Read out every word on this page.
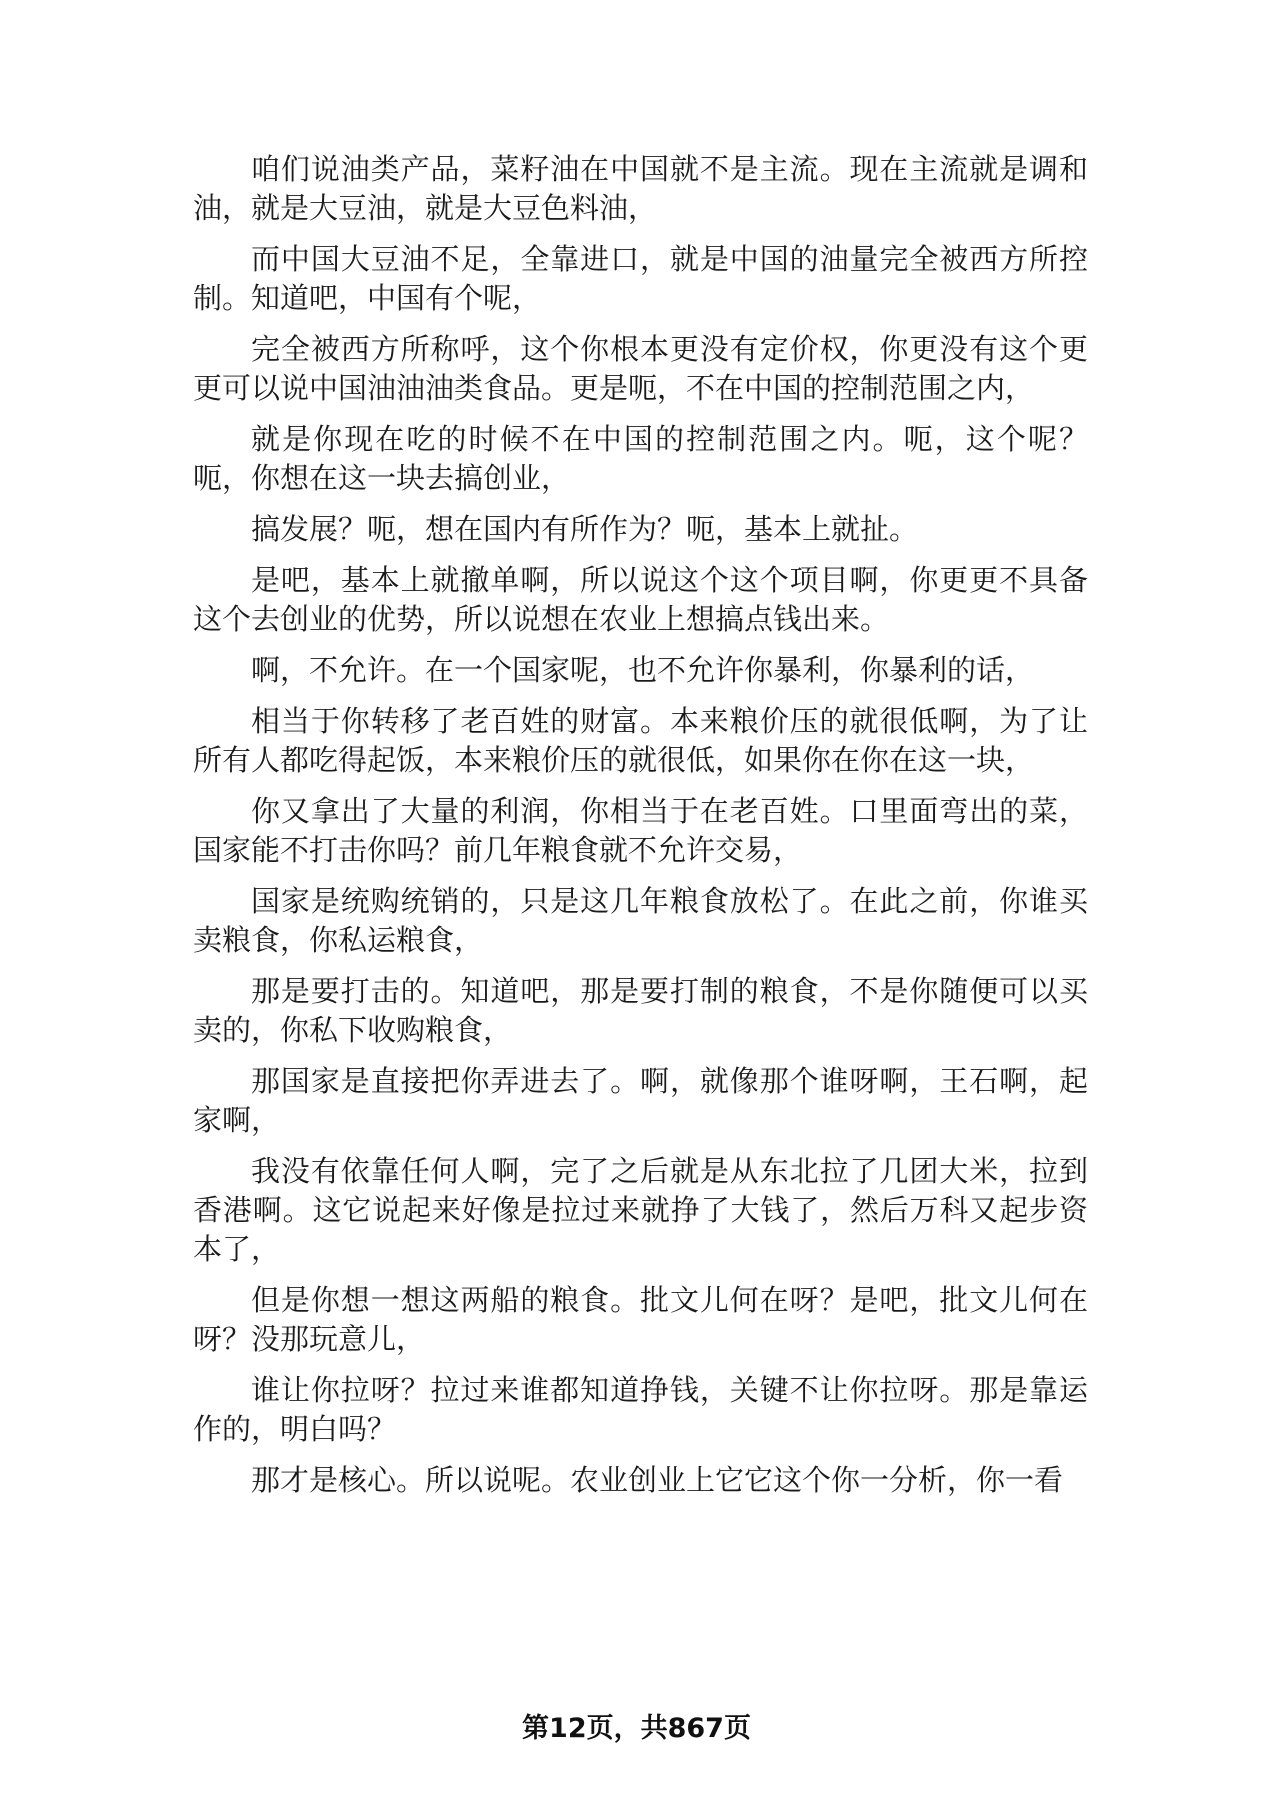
咱们说油类产品，菜籽油在中国就不是主流。现在主流就是调和油，就是大豆油，就是大豆色料油，

而中国大豆油不足，全靠进口，就是中国的油量完全被西方所控制。知道吧，中国有个呢，

完全被西方所称呼，这个你根本更没有定价权，你更没有这个更更可以说中国油油油类食品。更是呃，不在中国的控制范围之内，

就是你现在吃的时候不在中国的控制范围之内。呃，这个呢？呃，你想在这一块去搞创业，

搞发展？呃，想在国内有所作为？呃，基本上就扯。

是吧，基本上就撤单啊，所以说这个这个项目啊，你更更不具备这个去创业的优势，所以说想在农业上想搞点钱出来。

啊，不允许。在一个国家呢，也不允许你暴利，你暴利的话，

相当于你转移了老百姓的财富。本来粮价压的就很低啊，为了让所有人都吃得起饭，本来粮价压的就很低，如果你在你在这一块，

你又拿出了大量的利润，你相当于在老百姓。口里面弯出的菜，国家能不打击你吗？前几年粮食就不允许交易，

国家是统购统销的，只是这几年粮食放松了。在此之前，你谁买卖粮食，你私运粮食，

那是要打击的。知道吧，那是要打制的粮食，不是你随便可以买卖的，你私下收购粮食，

那国家是直接把你弄进去了。啊，就像那个谁呀啊，王石啊，起家啊，

我没有依靠任何人啊，完了之后就是从东北拉了几团大米，拉到香港啊。这它说起来好像是拉过来就挣了大钱了，然后万科又起步资本了，

但是你想一想这两船的粮食。批文儿何在呀？是吧，批文儿何在呀？没那玩意儿，

谁让你拉呀？拉过来谁都知道挣钱，关键不让你拉呀。那是靠运作的，明白吗？

那才是核心。所以说呢。农业创业上它它这个你一分析，你一看

第12页，共867页
